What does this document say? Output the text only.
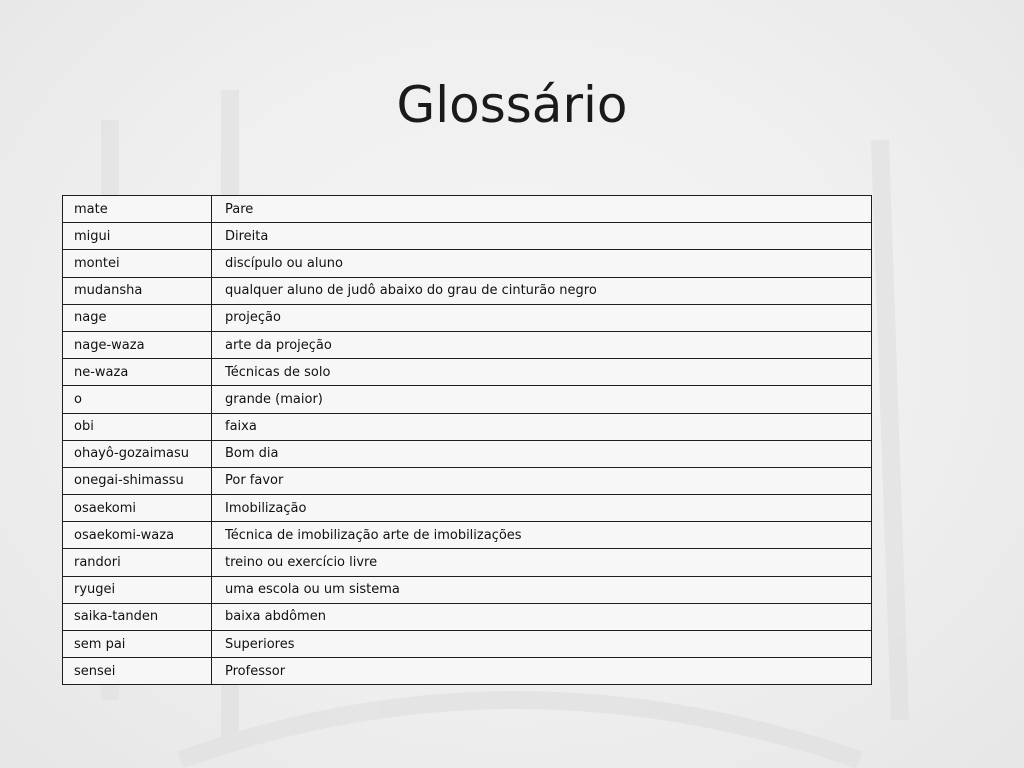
Glossário
mate	Pare
migui	Direita
montei	discípulo ou aluno
mudansha	qualquer aluno de judô abaixo do grau de cinturão negro
nage	projeção
nage-waza	arte da projeção
ne-waza	Técnicas de solo
o	grande (maior)
obi	faixa
ohayô-gozaimasu	Bom dia
onegai-shimassu	Por favor
osaekomi	Imobilização
osaekomi-waza	Técnica de imobilização arte de imobilizações
randori	treino ou exercício livre
ryugei	uma escola ou um sistema
saika-tanden	baixa abdômen
sem pai	Superiores
sensei	Professor
